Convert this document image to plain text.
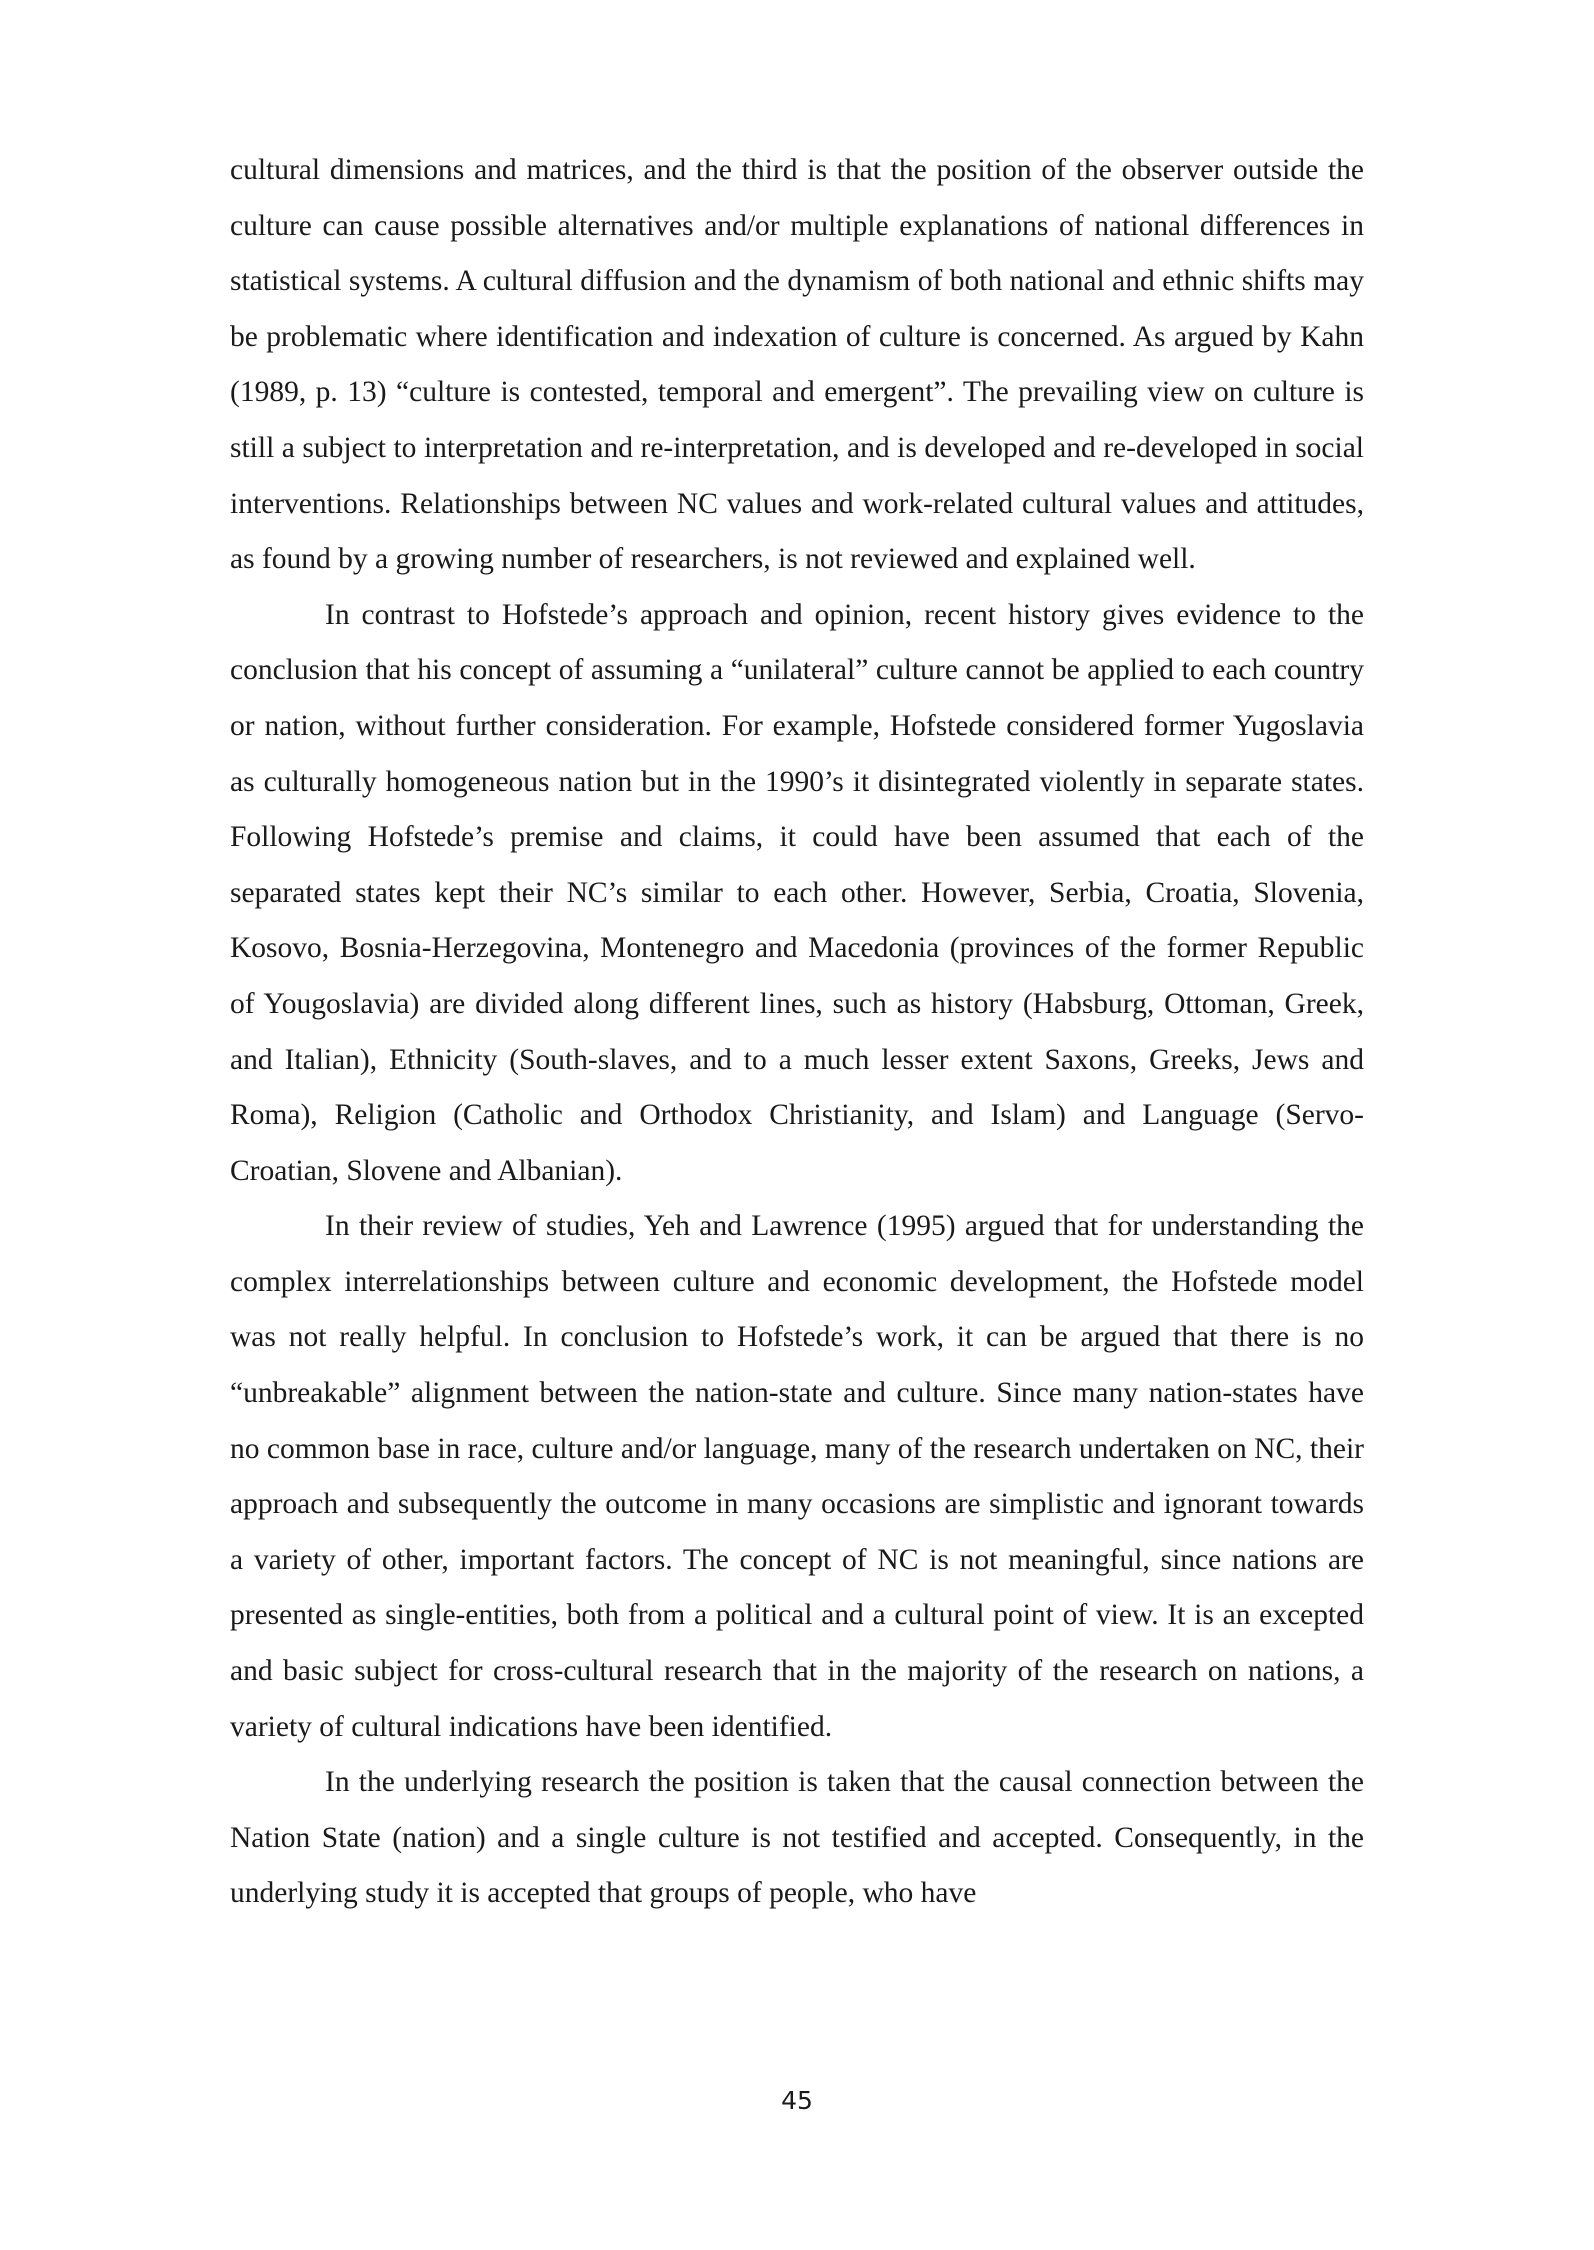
cultural dimensions and matrices, and the third is that the position of the observer outside the culture can cause possible alternatives and/or multiple explanations of national differences in statistical systems. A cultural diffusion and the dynamism of both national and ethnic shifts may be problematic where identification and indexation of culture is concerned. As argued by Kahn (1989, p. 13) “culture is contested, temporal and emergent”. The prevailing view on culture is still a subject to interpretation and re-interpretation, and is developed and re-developed in social interventions. Relationships between NC values and work-related cultural values and attitudes, as found by a growing number of researchers, is not reviewed and explained well.

In contrast to Hofstede’s approach and opinion, recent history gives evidence to the conclusion that his concept of assuming a “unilateral” culture cannot be applied to each country or nation, without further consideration. For example, Hofstede considered former Yugoslavia as culturally homogeneous nation but in the 1990’s it disintegrated violently in separate states. Following Hofstede’s premise and claims, it could have been assumed that each of the separated states kept their NC’s similar to each other. However, Serbia, Croatia, Slovenia, Kosovo, Bosnia-Herzegovina, Montenegro and Macedonia (provinces of the former Republic of Yougoslavia) are divided along different lines, such as history (Habsburg, Ottoman, Greek, and Italian), Ethnicity (South-slaves, and to a much lesser extent Saxons, Greeks, Jews and Roma), Religion (Catholic and Orthodox Christianity, and Islam) and Language (Servo-Croatian, Slovene and Albanian).

In their review of studies, Yeh and Lawrence (1995) argued that for understanding the complex interrelationships between culture and economic development, the Hofstede model was not really helpful. In conclusion to Hofstede’s work, it can be argued that there is no “unbreakable” alignment between the nation-state and culture. Since many nation-states have no common base in race, culture and/or language, many of the research undertaken on NC, their approach and subsequently the outcome in many occasions are simplistic and ignorant towards a variety of other, important factors. The concept of NC is not meaningful, since nations are presented as single-entities, both from a political and a cultural point of view. It is an excepted and basic subject for cross-cultural research that in the majority of the research on nations, a variety of cultural indications have been identified.

In the underlying research the position is taken that the causal connection between the Nation State (nation) and a single culture is not testified and accepted. Consequently, in the underlying study it is accepted that groups of people, who have

45
